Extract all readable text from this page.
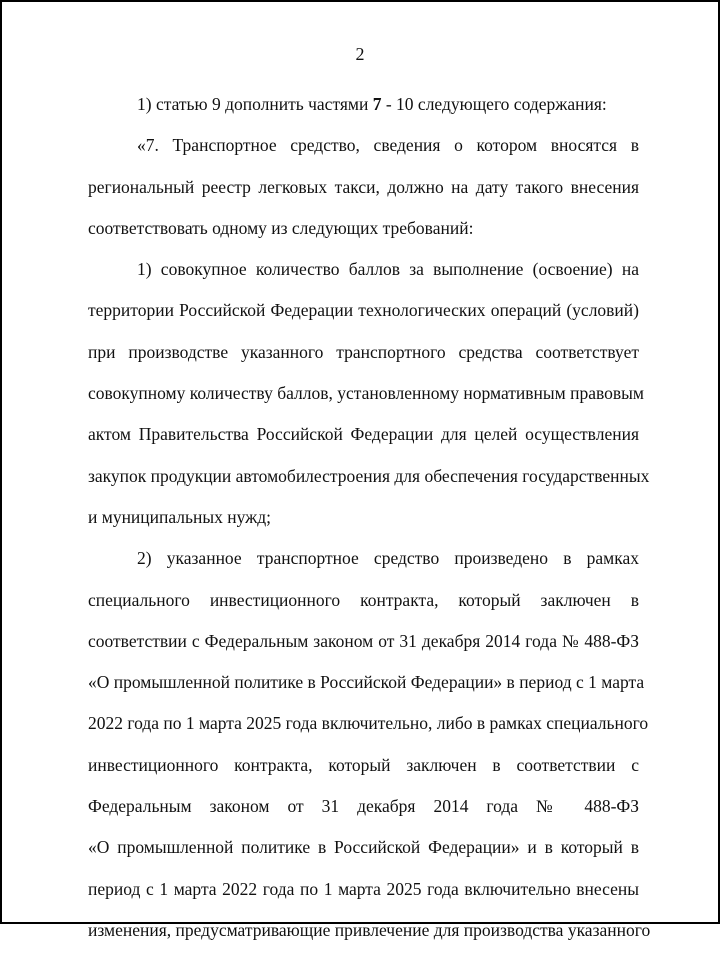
2
1) статью 9 дополнить частями 7 - 10 следующего содержания:
«7. Транспортное средство, сведения о котором вносятся в
региональный реестр легковых такси, должно на дату такого внесения
соответствовать одному из следующих требований:
1) совокупное количество баллов за выполнение (освоение) на
территории Российской Федерации технологических операций (условий)
при производстве указанного транспортного средства соответствует
совокупному количеству баллов, установленному нормативным правовым
актом Правительства Российской Федерации для целей осуществления
закупок продукции автомобилестроения для обеспечения государственных
и муниципальных нужд;
2) указанное транспортное средство произведено в рамках
специального инвестиционного контракта, который заключен в
соответствии с Федеральным законом от 31 декабря 2014 года № 488-ФЗ
«О промышленной политике в Российской Федерации» в период с 1 марта
2022 года по 1 марта 2025 года включительно, либо в рамках специального
инвестиционного контракта, который заключен в соответствии с
Федеральным законом от 31 декабря 2014 года № 488-ФЗ
«О промышленной политике в Российской Федерации» и в который в
период с 1 марта 2022 года по 1 марта 2025 года включительно внесены
изменения, предусматривающие привлечение для производства указанного
